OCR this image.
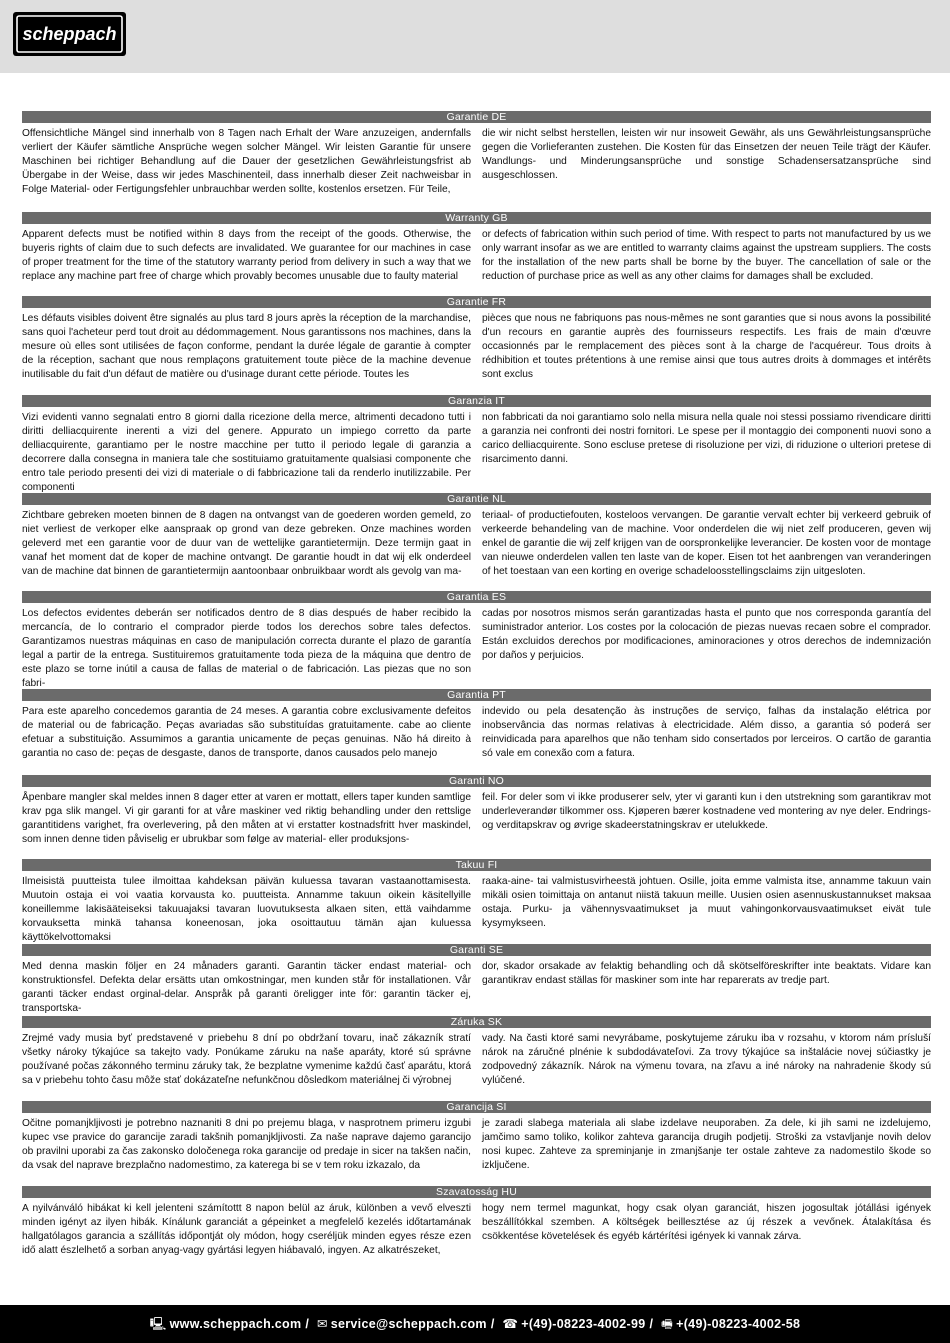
scheppach
Garantie DE
Offensichtliche Mängel sind innerhalb von 8 Tagen nach Erhalt der Ware anzuzeigen, andernfalls verliert der Käufer sämtliche Ansprüche wegen solcher Mängel. Wir leisten Garantie für unsere Maschinen bei richtiger Behandlung auf die Dauer der gesetzlichen Gewährleistungsfrist ab Übergabe in der Weise, dass wir jedes Maschinenteil, dass innerhalb dieser Zeit nachweisbar in Folge Material- oder Fertigungsfehler unbrauchbar werden sollte, kostenlos ersetzen. Für Teile,
die wir nicht selbst herstellen, leisten wir nur insoweit Gewähr, als uns Gewährleistungsansprüche gegen die Vorlieferanten zustehen. Die Kosten für das Einsetzen der neuen Teile trägt der Käufer. Wandlungs- und Minderungsansprüche und sonstige Schadensersatzansprüche sind ausgeschlossen.
Warranty GB
Apparent defects must be notified within 8 days from the receipt of the goods. Otherwise, the buyeris rights of claim due to such defects are invalidated. We guarantee for our machines in case of proper treatment for the time of the statutory warranty period from delivery in such a way that we replace any machine part free of charge which provably becomes unusable due to faulty material
or defects of fabrication within such period of time. With respect to parts not manufactured by us we only warrant insofar as we are entitled to warranty claims against the upstream suppliers. The costs for the installation of the new parts shall be borne by the buyer. The cancellation of sale or the reduction of purchase price as well as any other claims for damages shall be excluded.
Garantie FR
Les défauts visibles doivent être signalés au plus tard 8 jours après la réception de la marchandise, sans quoi l'acheteur perd tout droit au dédommagement. Nous garantissons nos machines, dans la mesure où elles sont utilisées de façon conforme, pendant la durée légale de garantie à compter de la réception, sachant que nous remplaçons gratuitement toute pièce de la machine devenue inutilisable du fait d'un défaut de matière ou d'usinage durant cette période. Toutes les
pièces que nous ne fabriquons pas nous-mêmes ne sont garanties que si nous avons la possibilité d'un recours en garantie auprès des fournisseurs respectifs. Les frais de main d'œuvre occasionnés par le remplacement des pièces sont à la charge de l'acquéreur. Tous droits à rédhibition et toutes prétentions à une remise ainsi que tous autres droits à dommages et intérêts sont exclus
Garanzia IT
Vizi evidenti vanno segnalati entro 8 giorni dalla ricezione della merce, altrimenti decadono tutti i diritti delliacquirente inerenti a vizi del genere. Appurato un impiego corretto da parte delliacquirente, garantiamo per le nostre macchine per tutto il periodo legale di garanzia a decorrere dalla consegna in maniera tale che sostituiamo gratuitamente qualsiasi componente che entro tale periodo presenti dei vizi di materiale o di fabbricazione tali da renderlo inutilizzabile. Per componenti
non fabbricati da noi garantiamo solo nella misura nella quale noi stessi possiamo rivendicare diritti a garanzia nei confronti dei nostri fornitori. Le spese per il montaggio dei componenti nuovi sono a carico delliacquirente. Sono escluse pretese di risoluzione per vizi, di riduzione o ulteriori pretese di risarcimento danni.
Garantie NL
Zichtbare gebreken moeten binnen de 8 dagen na ontvangst van de goederen worden gemeld, zo niet verliest de verkoper elke aanspraak op grond van deze gebreken. Onze machines worden geleverd met een garantie voor de duur van de wettelijke garantietermijn. Deze termijn gaat in vanaf het moment dat de koper de machine ontvangt. De garantie houdt in dat wij elk onderdeel van de machine dat binnen de garantietermijn aantoonbaar onbruikbaar wordt als gevolg van ma-
teriaal- of productiefouten, kosteloos vervangen. De garantie vervalt echter bij verkeerd gebruik of verkeerde behandeling van de machine. Voor onderdelen die wij niet zelf produceren, geven wij enkel de garantie die wij zelf krijgen van de oorspronkelijke leverancier. De kosten voor de montage van nieuwe onderdelen vallen ten laste van de koper. Eisen tot het aanbrengen van veranderingen of het toestaan van een korting en overige schadeloosstellingsclaims zijn uitgesloten.
Garantia ES
Los defectos evidentes deberán ser notificados dentro de 8 dias después de haber recibido la mercancía, de lo contrario el comprador pierde todos los derechos sobre tales defectos. Garantizamos nuestras máquinas en caso de manipulación correcta durante el plazo de garantía legal a partir de la entrega. Sustituiremos gratuitamente toda pieza de la máquina que dentro de este plazo se torne inútil a causa de fallas de material o de fabricación. Las piezas que no son fabri-
cadas por nosotros mismos serán garantizadas hasta el punto que nos corresponda garantía del suministrador anterior. Los costes por la colocación de piezas nuevas recaen sobre el comprador. Están excluidos derechos por modificaciones, aminoraciones y otros derechos de indemnización por daños y perjuicios.
Garantia PT
Para este aparelho concedemos garantia de 24 meses. A garantia cobre exclusivamente defeitos de material ou de fabricação. Peças avariadas são substituídas gratuitamente. cabe ao cliente efetuar a substituição. Assumimos a garantia unicamente de peças genuinas. Não há direito à garantia no caso de: peças de desgaste, danos de transporte, danos causados pelo manejo
indevido ou pela desatenção às instruções de serviço, falhas da instalação elétrica por inobservância das normas relativas à electricidade. Além disso, a garantia só poderá ser reinvidicada para aparelhos que não tenham sido consertados por lerceiros. O cartão de garantia só vale em conexão com a fatura.
Garanti NO
Åpenbare mangler skal meldes innen 8 dager etter at varen er mottatt, ellers taper kunden samtlige krav pga slik mangel. Vi gir garanti for at våre maskiner ved riktig behandling under den rettslige garantitidens varighet, fra overlevering, på den måten at vi erstatter kostnadsfritt hver maskindel, som innen denne tiden påviselig er ubrukbar som følge av material- eller produksjons-
feil. For deler som vi ikke produserer selv, yter vi garanti kun i den utstrekning som garantikrav mot underleverandør tilkommer oss. Kjøperen bærer kostnadene ved montering av nye deler. Endrings- og verditapskrav og øvrige skadeerstatningskrav er utelukkede.
Takuu FI
Ilmeisistä puutteista tulee ilmoittaa kahdeksan päivän kuluessa tavaran vastaanottamisesta. Muutoin ostaja ei voi vaatia korvausta ko. puutteista. Annamme takuun oikein käsitellyille koneillemme lakisääteiseksi takuuajaksi tavaran luovutuksesta alkaen siten, että vaihdamme korvauksetta minkä tahansa koneenosan, joka osoittautuu tämän ajan kuluessa käyttökelvottomaksi
raaka-aine- tai valmistusvirheestä johtuen. Osille, joita emme valmista itse, annamme takuun vain mikäli osien toimittaja on antanut niistä takuun meille. Uusien osien asennuskustannukset maksaa ostaja. Purku- ja vähennysvaatimukset ja muut vahingonkorvausvaatimukset eivät tule kysymykseen.
Garanti SE
Med denna maskin följer en 24 månaders garanti. Garantin täcker endast material- och konstruktionsfel. Defekta delar ersätts utan omkostningar, men kunden står för installationen. Vår garanti täcker endast orginal-delar. Anspråk på garanti öreligger inte för: garantin täcker ej, transportska-
dor, skador orsakade av felaktig behandling och då skötselföreskrifter inte beaktats. Vidare kan garantikrav endast ställas för maskiner som inte har reparerats av tredje part.
Záruka SK
Zrejmé vady musia byť predstavené v priebehu 8 dní po obdržaní tovaru, inač zákazník stratí všetky nároky týkajúce sa takejto vady. Ponúkame záruku na naše aparáty, ktoré sú správne používané počas zákonného terminu záruky tak, že bezplatne vymenime každú časť aparátu, ktorá sa v priebehu tohto času môže stať dokázateľne nefunkčnou dôsledkom materiálnej či výrobnej
vady. Na časti ktoré sami nevyrábame, poskytujeme záruku iba v rozsahu, v ktorom nám prísluší nárok na záručné plnénie k subdodávateľovi. Za trovy týkajúce sa inštalácie novej súčiastky je zodpovedný zákazník. Nárok na výmenu tovara, na zľavu a iné nároky na nahradenie škody sú vylúčené.
Garancija SI
Očitne pomanjkljivosti je potrebno naznaniti 8 dni po prejemu blaga, v nasprotnem primeru izgubi kupec vse pravice do garancije zaradi takšnih pomanjkljivosti. Za naše naprave dajemo garancijo ob pravilni uporabi za čas zakonsko določenega roka garancije od predaje in sicer na takšen način, da vsak del naprave brezplačno nadomestimo, za katerega bi se v tem roku izkazalo, da
je zaradi slabega materiala ali slabe izdelave neuporaben. Za dele, ki jih sami ne izdelujemo, jamčimo samo toliko, kolikor zahteva garancija drugih podjetij. Stroški za vstavljanje novih delov nosi kupec. Zahteve za spreminjanje in zmanjšanje ter ostale zahteve za nadomestilo škode so izključene.
Szavatosság HU
A nyilvánváló hibákat ki kell jelenteni számítottt 8 napon belül az áruk, különben a vevő elveszti minden igényt az ilyen hibák. Kínálunk garanciát a gépeinket a megfelelő kezelés időtartamának hallgatólagos garancia a szállítás időpontját oly módon, hogy cseréljük minden egyes része ezen idő alatt észlelhető a sorban anyag-vagy gyártási legyen hiábavaló, ingyen. Az alkatrészeket,
hogy nem termel magunkat, hogy csak olyan garanciát, hiszen jogosultak jótállási igények beszállítókkal szemben. A költségek beillesztése az új részek a vevőnek. Átalakítása és csökkentése követelések és egyéb kártérítési igények ki vannak zárva.
🖳 www.scheppach.com / ✉ service@scheppach.com / ☎ +(49)-08223-4002-99 / 🖷 +(49)-08223-4002-58
